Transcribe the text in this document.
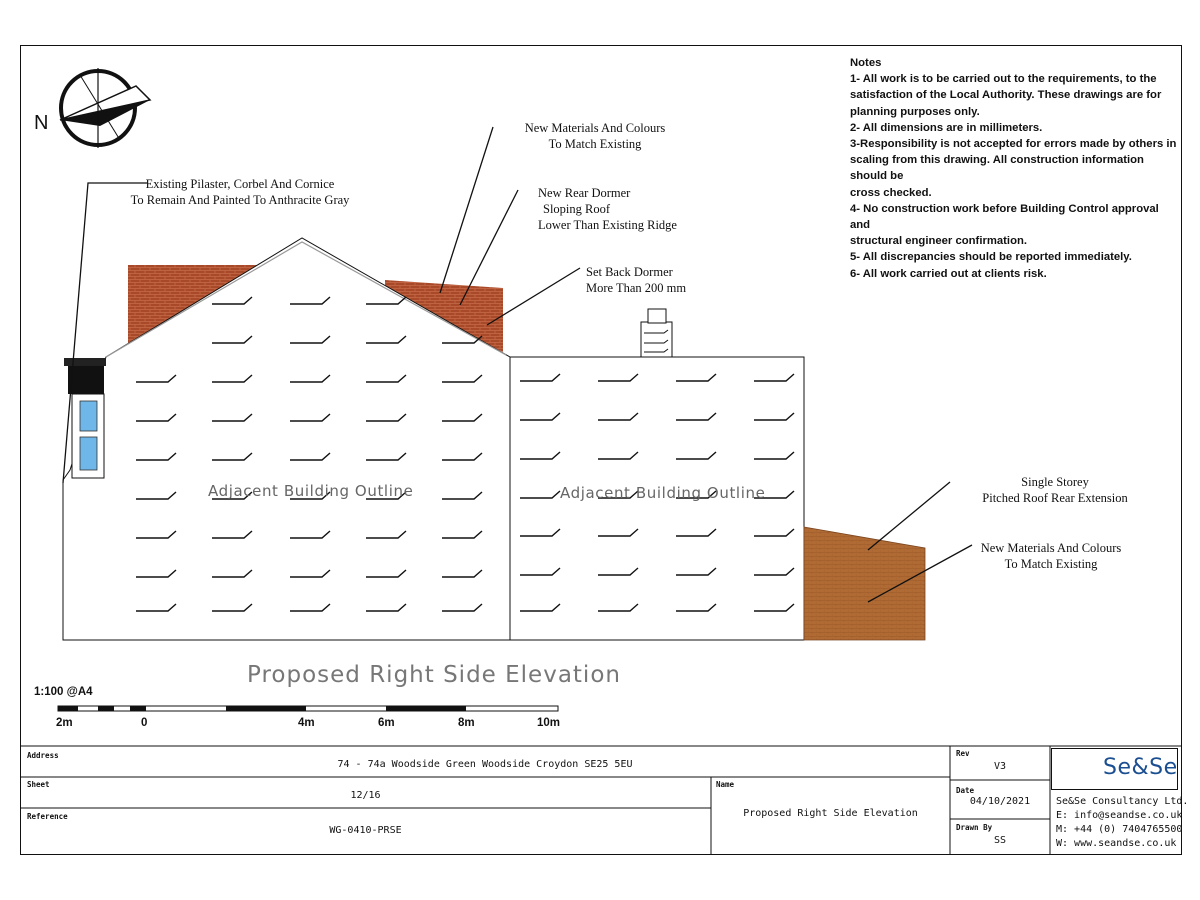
Notes
1- All work is to be carried out to the requirements, to the
satisfaction of the Local Authority. These drawings are for
planning purposes only.
2- All dimensions are in millimeters.
3-Responsibility is not accepted for errors made by others in
scaling from this drawing. All construction information should be
cross checked.
4- No construction work before Building Control approval and
structural engineer confirmation.
5- All discrepancies should be reported immediately.
6- All work carried out at clients risk.
N
Existing Pilaster, Corbel And Cornice
To Remain And Painted To Anthracite Gray
New Materials And Colours
To Match Existing
New Rear Dormer
Sloping Roof
Lower Than Existing Ridge
Set Back Dormer
More Than 200 mm
Single Storey
Pitched Roof Rear Extension
New Materials And Colours
To Match Existing
Adjacent Building Outline	Adjacent Building Outline
Proposed Right Side Elevation
1:100 @A4
2m	0	4m	6m	8m	10m
Address
74 - 74a Woodside Green Woodside Croydon SE25 5EU
Sheet
12/16
Reference
WG-0410-PRSE
Name
Proposed Right Side Elevation
Rev
V3
Date
04/10/2021
Drawn By
SS
Se&Se
Se&Se Consultancy Ltd.
E: info@seandse.co.uk
M: +44 (0) 7404765500
W: www.seandse.co.uk
